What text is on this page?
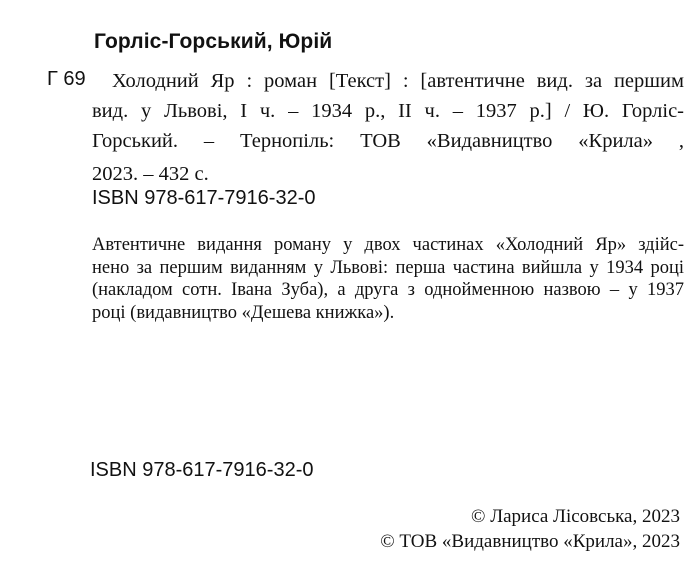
Горліс-Горський, Юрій
Г 69	Холодний Яр : роман [Текст] : [автентичне вид. за першим
вид. у Львові, I ч. – 1934 р., II ч. – 1937 р.] / Ю. Горліс-
Горський. – Тернопіль: ТОВ «Видавництво «Крила» ,
2023. – 432 с.
ISBN 978-617-7916-32-0
Автентичне видання роману у двох частинах «Холодний Яр» здійс-
нено за першим виданням у Львові: перша частина вийшла у 1934 році
(накладом сотн. Івана Зуба), а друга з однойменною назвою – у 1937
році (видавництво «Дешева книжка»).
ISBN 978-617-7916-32-0
© Лариса Лісовська, 2023
© ТОВ «Видавництво «Крила», 2023
